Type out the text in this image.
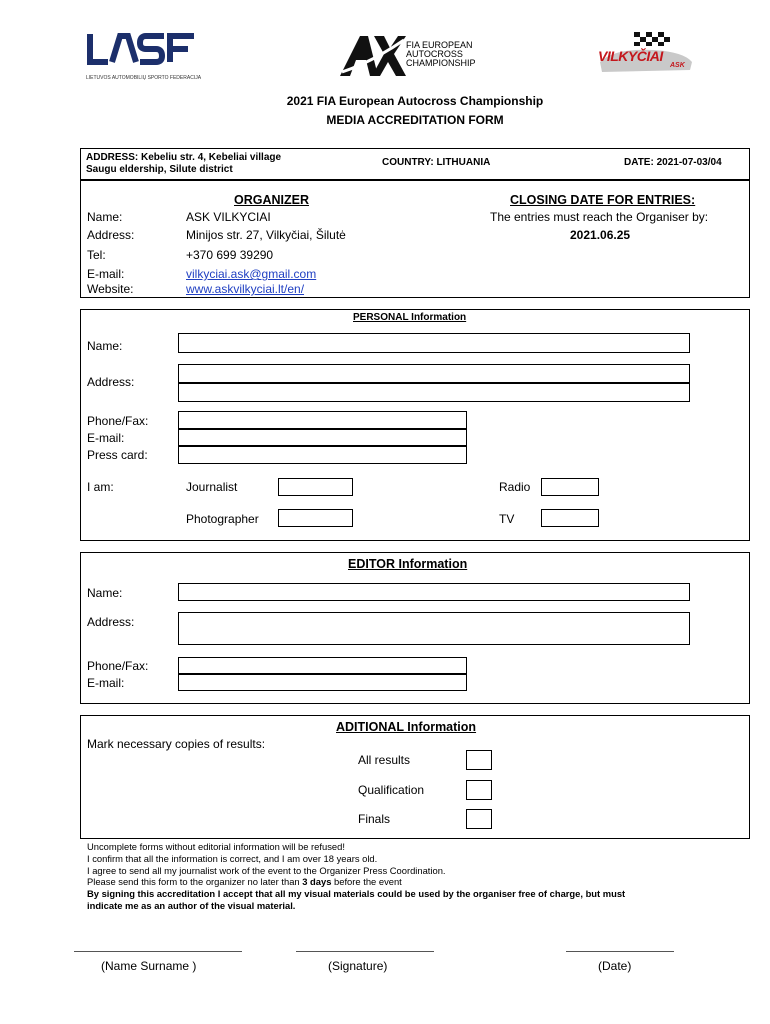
LIETUVOS AUTOMOBILIŲ SPORTO FEDERACIJA
FIA EUROPEAN
AUTOCROSS
CHAMPIONSHIP	VILKYČIAI
ASK
2021 FIA European Autocross Championship
MEDIA ACCREDITATION FORM
ADDRESS: Kebeliu str. 4, Kebeliai village
Saugu eldership, Silute district
COUNTRY: LITHUANIA	DATE: 2021-07-03/04
ORGANIZER
Name:	ASK VILKYCIAI
Address:	Minijos str. 27, Vilkyčiai, Šilutė
Tel:	+370 699 39290
E-mail:	vilkyciai.ask@gmail.com
Website:	www.askvilkyciai.lt/en/
CLOSING DATE FOR ENTRIES:
The entries must reach the Organiser by:
2021.06.25
PERSONAL Information
Name:
Address:
Phone/Fax:
E-mail:
Press card:
I am:	Journalist	Radio
Photographer	TV
EDITOR Information
Name:
Address:
Phone/Fax:
E-mail:
ADITIONAL Information
Mark necessary copies of results:
All results
Qualification
Finals
Uncomplete forms without editorial information will be refused!
I confirm that all the information is correct, and I am over 18 years old.
I agree to send all my journalist work of the event to the Organizer Press Coordination.
Please send this form to the organizer no later than 3 days before the event
By signing this accreditation I accept that all my visual materials could be used by the organiser free of charge, but must
indicate me as an author of the visual material.
(Name Surname )	(Signature)	(Date)
